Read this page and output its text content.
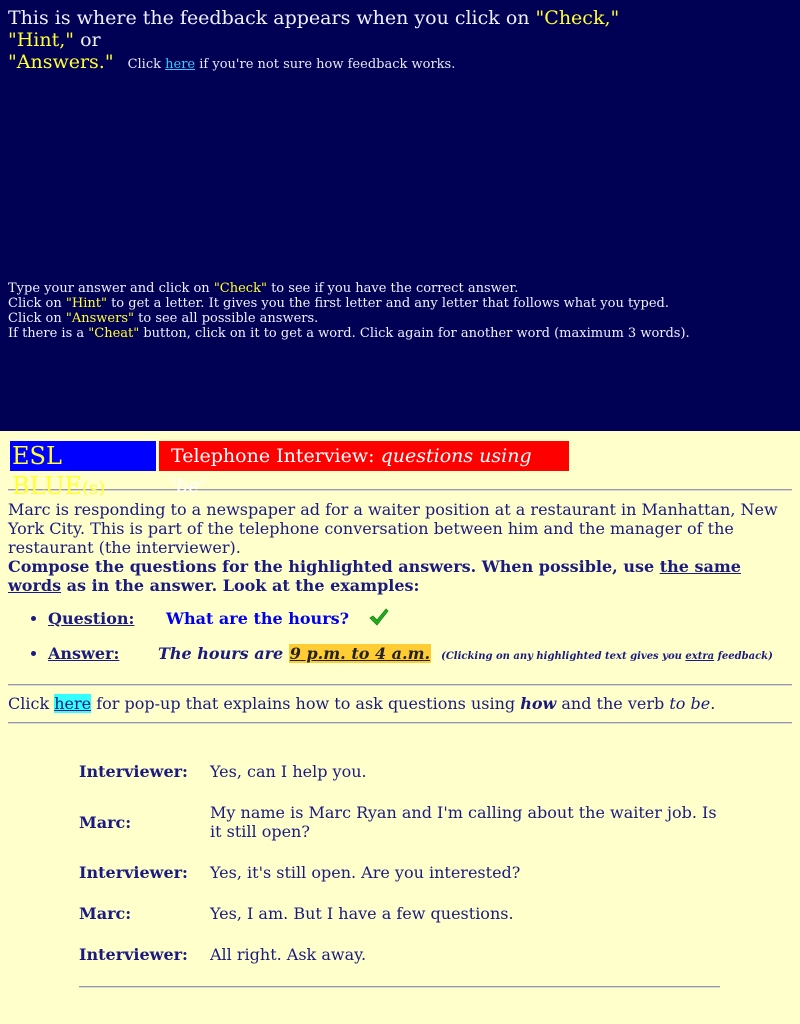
This is where the feedback appears when you click on "Check," "Hint," or
"Answers." Click here if you're not sure how feedback works.
Type your answer and click on "Check" to see if you have the correct answer.
Click on "Hint" to get a letter. It gives you the first letter and any letter that follows what you typed.
Click on "Answers" to see all possible answers.
If there is a "Cheat" button, click on it to get a word. Click again for another word (maximum 3 words).
ESL BLUE(s)
Telephone Interview: questions using 'be'
Marc is responding to a newspaper ad for a waiter position at a restaurant in Manhattan, New York City. This is part of the telephone conversation between him and the manager of the restaurant (the interviewer).
Compose the questions for the highlighted answers. When possible, use the same words as in the answer. Look at the examples:
• Question: What are the hours?
• Answer: The hours are 9 p.m. to 4 a.m. (Clicking on any highlighted text gives you extra feedback)
Click here for pop-up that explains how to ask questions using how and the verb to be.
Interviewer:	Yes, can I help you.
Marc:	My name is Marc Ryan and I'm calling about the waiter job. Is it still open?
Interviewer:	Yes, it's still open. Are you interested?
Marc:	Yes, I am. But I have a few questions.
Interviewer:	All right. Ask away.
